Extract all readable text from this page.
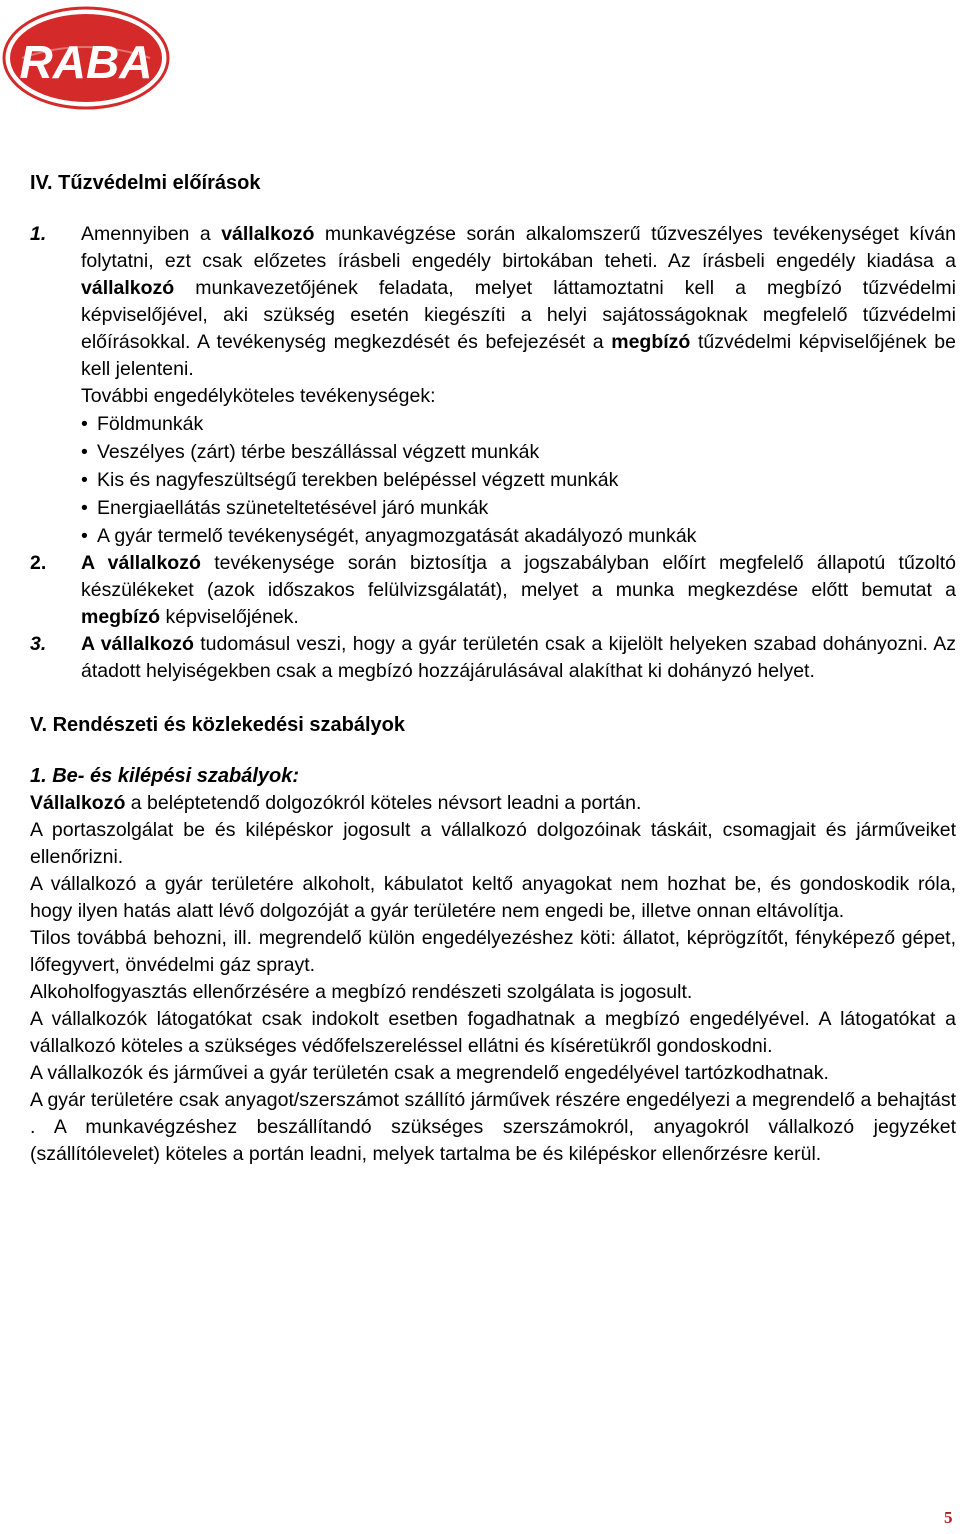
RABA

IV. Tűzvédelmi előírások

1.	Amennyiben a vállalkozó munkavégzése során alkalomszerű tűzveszélyes tevékenységet kíván folytatni, ezt csak előzetes írásbeli engedély birtokában teheti. Az írásbeli engedély kiadása a vállalkozó munkavezetőjének feladata, melyet láttamoztatni kell a megbízó tűzvédelmi képviselőjével, aki szükség esetén kiegészíti a helyi sajátosságoknak megfelelő tűzvédelmi előírásokkal. A tevékenység megkezdését és befejezését a megbízó tűzvédelmi képviselőjének be kell jelenteni.

További engedélyköteles tevékenységek:

• Földmunkák
• Veszélyes (zárt) térbe beszállással végzett munkák
• Kis és nagyfeszültségű terekben belépéssel végzett munkák
• Energiaellátás szüneteltetésével járó munkák
• A gyár termelő tevékenységét, anyagmozgatását akadályozó munkák
2.	A vállalkozó tevékenysége során biztosítja a jogszabályban előírt megfelelő állapotú tűzoltó készülékeket (azok időszakos felülvizsgálatát), melyet a munka megkezdése előtt bemutat a megbízó képviselőjének.

3.	A vállalkozó tudomásul veszi, hogy a gyár területén csak a kijelölt helyeken szabad dohányozni. Az átadott helyiségekben csak a megbízó hozzájárulásával alakíthat ki dohányzó helyet.

V. Rendészeti és közlekedési szabályok

1. Be- és kilépési szabályok:

Vállalkozó a beléptetendő dolgozókról köteles névsort leadni a portán.

A portaszolgálat be és kilépéskor jogosult a vállalkozó dolgozóinak táskáit, csomagjait és járműveiket ellenőrizni.

A vállalkozó a gyár területére alkoholt, kábulatot keltő anyagokat nem hozhat be, és gondoskodik róla, hogy ilyen hatás alatt lévő dolgozóját a gyár területére nem engedi be, illetve onnan eltávolítja.

Tilos továbbá behozni, ill. megrendelő külön engedélyezéshez köti: állatot, képrögzítőt, fényképező gépet, lőfegyvert, önvédelmi gáz sprayt.

Alkoholfogyasztás ellenőrzésére a megbízó rendészeti szolgálata is jogosult.

A vállalkozók látogatókat csak indokolt esetben fogadhatnak a megbízó engedélyével. A látogatókat a vállalkozó köteles a szükséges védőfelszereléssel ellátni és kíséretükről gondoskodni.

A vállalkozók és járművei a gyár területén csak a megrendelő engedélyével tartózkodhatnak.

A gyár területére csak anyagot/szerszámot szállító járművek részére engedélyezi a megrendelő a behajtást . A munkavégzéshez beszállítandó szükséges szerszámokról, anyagokról vállalkozó jegyzéket (szállítólevelet) köteles a portán leadni, melyek tartalma be és kilépéskor ellenőrzésre kerül.

5
